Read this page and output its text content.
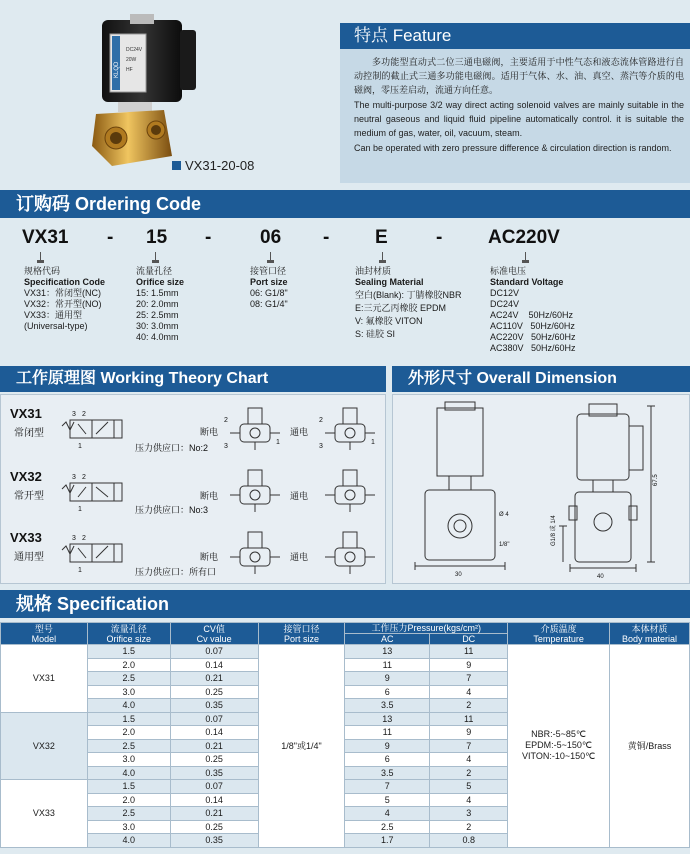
KLQD
DC24V
20W
HF
VX31-20-08
特点 Feature

多功能型直动式二位三通电磁阀，主要适用于中性气态和液态流体管路进行自动控制的截止式三通多功能电磁阀。适用于气体、水、油、真空、蒸汽等介质的电磁阀，零压差启动，流通方向任意。

The multi-purpose 3/2 way direct acting solenoid valves are mainly suitable in the neutral gaseous and liquid fluid pipeline automatically control. it is suitable the medium of gas, water, oil, vacuum, steam.

Can be operated with zero pressure difference & circulation direction is random.

订购码 Ordering Code
VX31 - 15 -	06 - E	- AC220V
规格代码
Specification Code
VX31：常闭型(NC)
VX32：常开型(NO)
VX33：通用型
(Universal-type)
流量孔径
Orifice size
15: 1.5mm
20: 2.0mm
25: 2.5mm
30: 3.0mm
40: 4.0mm
接管口径
Port size
06: G1/8"
08: G1/4"
油封材质
Sealing Material
空白(Blank): 丁腈橡胶NBR
E:三元乙丙橡胶 EPDM
V: 氟橡胶 VITON
S: 硅胶 SI
标准电压
Standard Voltage
DC12V
DC24V
AC24V    50Hz/60Hz
AC110V   50Hz/60Hz
AC220V   50Hz/60Hz
AC380V   50Hz/60Hz
工作原理图 Working Theory Chart	外形尺寸 Overall Dimension
VX31
常闭型
VX32
常开型
VX33
通用型
断电	通电
压力供应口：No:2
断电	通电
压力供应口：No:3
断电	通电
压力供应口：所有口
3 2
1
3 2
1
3 2
1
2
1
3
2
1
3
30	40
67.5
Ø 4
1/8"	G1/8 或 1/4
规格 Specification
型号
Model	流量孔径
Orifice size	CV值
Cv value	接管口径
Port size	工作压力Pressure(kgs/cm²)		介质温度
Temperature	本体材质
Body material
				AC	DC		
VX31	1.5	0.07	1/8"或1/4"	13	11	NBR:-5~85℃
EPDM:-5~150℃
VITON:-10~150℃	黄铜/Brass
	2.0	0.14		11	9		
	2.5	0.21		9	7		
	3.0	0.25		6	4		
	4.0	0.35		3.5	2		
VX32	1.5	0.07		13	11		
	2.0	0.14		11	9		
	2.5	0.21		9	7		
	3.0	0.25		6	4		
	4.0	0.35		3.5	2		
VX33	1.5	0.07		7	5		
	2.0	0.14		5	4		
	2.5	0.21		4	3		
	3.0	0.25		2.5	2		
	4.0	0.35		1.7	0.8		
